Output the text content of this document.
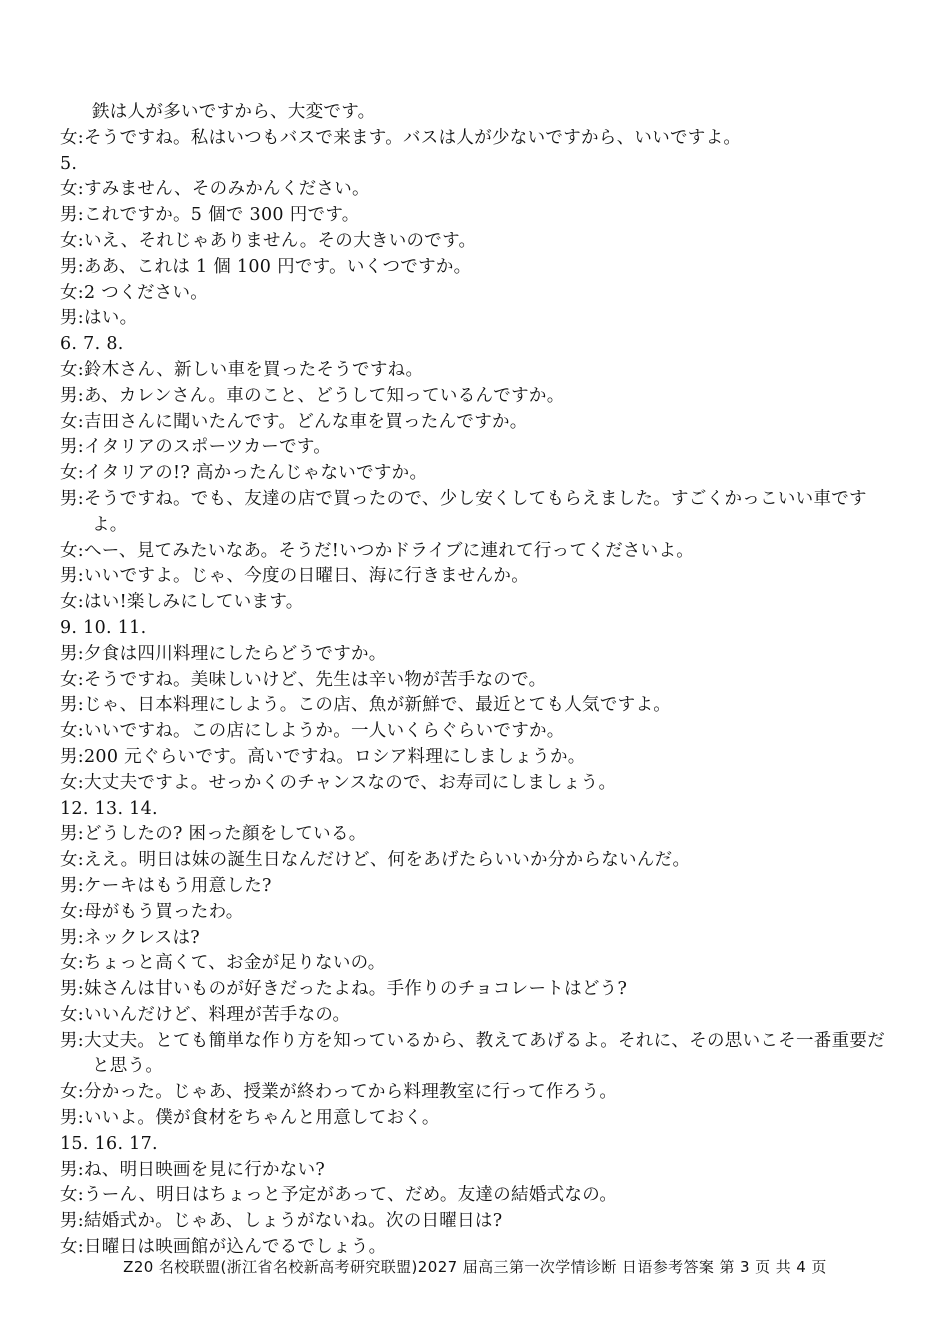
鉄は人が多いですから、大変です。
女:そうですね。私はいつもバスで来ます。バスは人が少ないですから、いいですよ。
5.
女:すみません、そのみかんください。
男:これですか。5 個で 300 円です。
女:いえ、それじゃありません。その大きいのです。
男:ああ、これは 1 個 100 円です。いくつですか。
女:2 つください。
男:はい。
6. 7. 8.
女:鈴木さん、新しい車を買ったそうですね。
男:あ、カレンさん。車のこと、どうして知っているんですか。
女:吉田さんに聞いたんです。どんな車を買ったんですか。
男:イタリアのスポーツカーです。
女:イタリアの!? 高かったんじゃないですか。
男:そうですね。でも、友達の店で買ったので、少し安くしてもらえました。すごくかっこいい車ですよ。
女:へー、見てみたいなあ。そうだ!いつかドライブに連れて行ってくださいよ。
男:いいですよ。じゃ、今度の日曜日、海に行きませんか。
女:はい!楽しみにしています。
9. 10. 11.
男:夕食は四川料理にしたらどうですか。
女:そうですね。美味しいけど、先生は辛い物が苦手なので。
男:じゃ、日本料理にしよう。この店、魚が新鮮で、最近とても人気ですよ。
女:いいですね。この店にしようか。一人いくらぐらいですか。
男:200 元ぐらいです。高いですね。ロシア料理にしましょうか。
女:大丈夫ですよ。せっかくのチャンスなので、お寿司にしましょう。
12. 13. 14.
男:どうしたの? 困った顔をしている。
女:ええ。明日は妹の誕生日なんだけど、何をあげたらいいか分からないんだ。
男:ケーキはもう用意した?
女:母がもう買ったわ。
男:ネックレスは?
女:ちょっと高くて、お金が足りないの。
男:妹さんは甘いものが好きだったよね。手作りのチョコレートはどう?
女:いいんだけど、料理が苦手なの。
男:大丈夫。とても簡単な作り方を知っているから、教えてあげるよ。それに、その思いこそ一番重要だと思う。
女:分かった。じゃあ、授業が終わってから料理教室に行って作ろう。
男:いいよ。僕が食材をちゃんと用意しておく。
15. 16. 17.
男:ね、明日映画を見に行かない?
女:うーん、明日はちょっと予定があって、だめ。友達の結婚式なの。
男:結婚式か。じゃあ、しょうがないね。次の日曜日は?
女:日曜日は映画館が込んでるでしょう。
Z20 名校联盟(浙江省名校新高考研究联盟)2027 届高三第一次学情诊断 日语参考答案 第 3 页 共 4 页
